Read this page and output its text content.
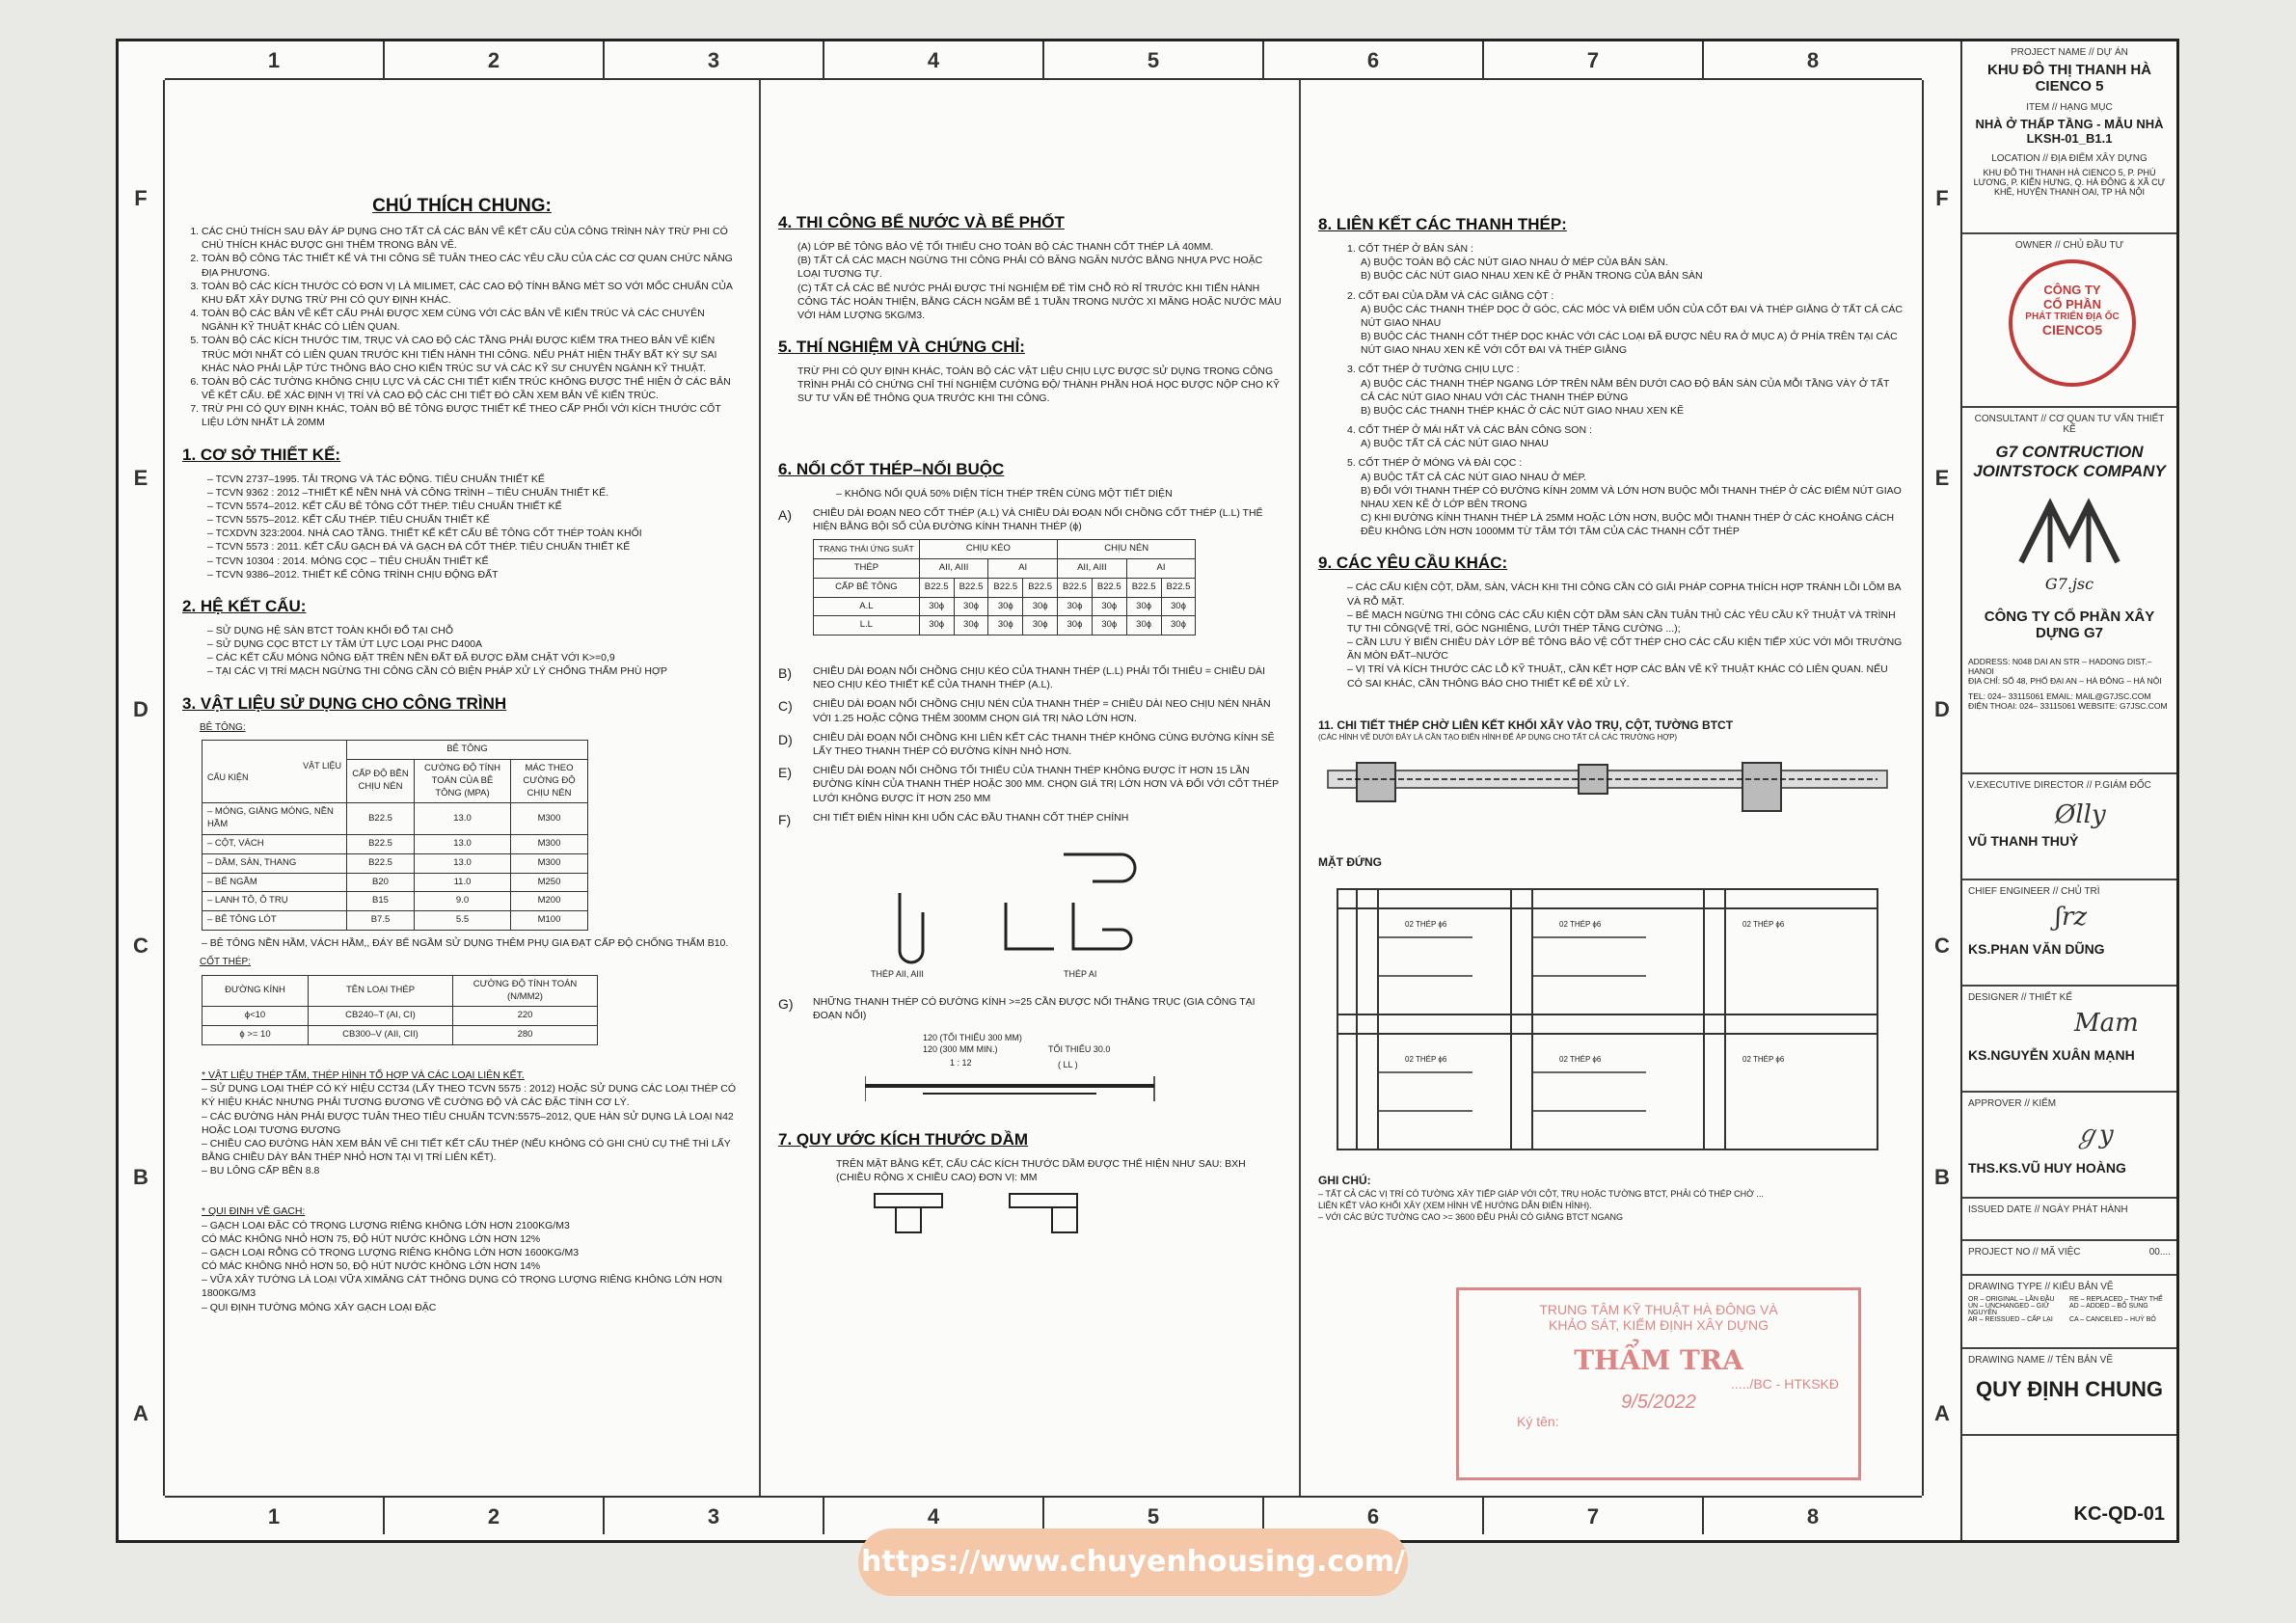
1	2	3	4	5	6	7	8
1	2	3	4	5	6	7	8
F
E
D
C
B
A
F
E
D
C
B
A
CHÚ THÍCH CHUNG:
1. CÁC CHÚ THÍCH SAU ĐÂY ÁP DỤNG CHO TẤT CẢ CÁC BẢN VẼ KẾT CẤU CỦA CÔNG TRÌNH NÀY TRỪ PHI CÓ CHÚ THÍCH KHÁC ĐƯỢC GHI THÊM TRONG BẢN VẼ.
2. TOÀN BỘ CÔNG TÁC THIẾT KẾ VÀ THI CÔNG SẼ TUÂN THEO CÁC YÊU CẦU CỦA CÁC CƠ QUAN CHỨC NĂNG ĐỊA PHƯƠNG.
3. TOÀN BỘ CÁC KÍCH THƯỚC CÓ ĐƠN VỊ LÀ MILIMET, CÁC CAO ĐỘ TÍNH BẰNG MÉT SO VỚI MỐC CHUẨN CỦA KHU ĐẤT XÂY DỰNG TRỪ PHI CÓ QUY ĐỊNH KHÁC.
4. TOÀN BỘ CÁC BẢN VẼ KẾT CẤU PHẢI ĐƯỢC XEM CÙNG VỚI CÁC BẢN VẼ KIẾN TRÚC VÀ CÁC CHUYÊN NGÀNH KỸ THUẬT KHÁC CÓ LIÊN QUAN.
5. TOÀN BỘ CÁC KÍCH THƯỚC TIM, TRỤC VÀ CAO ĐỘ CÁC TẦNG PHẢI ĐƯỢC KIỂM TRA THEO BẢN VẼ KIẾN TRÚC MỚI NHẤT CÓ LIÊN QUAN TRƯỚC KHI TIẾN HÀNH THI CÔNG. NẾU PHÁT HIỆN THẤY BẤT KỲ SỰ SAI KHÁC NÀO PHẢI LẬP TỨC THÔNG BÁO CHO KIẾN TRÚC SƯ VÀ CÁC KỸ SƯ CHUYÊN NGÀNH KỸ THUẬT.
6. TOÀN BỘ CÁC TƯỜNG KHÔNG CHỊU LỰC VÀ CÁC CHI TIẾT KIẾN TRÚC KHÔNG ĐƯỢC THỂ HIỆN Ở CÁC BẢN VẼ KẾT CẤU. ĐỂ XÁC ĐỊNH VỊ TRÍ VÀ CAO ĐỘ CÁC CHI TIẾT ĐÓ CẦN XEM BẢN VẼ KIẾN TRÚC.
7. TRỪ PHI CÓ QUY ĐỊNH KHÁC, TOÀN BỘ BÊ TÔNG ĐƯỢC THIẾT KẾ THEO CẤP PHỐI VỚI KÍCH THƯỚC CỐT LIỆU LỚN NHẤT LÀ 20MM
1. CƠ SỞ THIẾT KẾ:
– TCVN 2737–1995. TẢI TRỌNG VÀ TÁC ĐỘNG. TIÊU CHUẨN THIẾT KẾ
– TCVN 9362 : 2012 –THIẾT KẾ NỀN NHÀ VÀ CÔNG TRÌNH – TIÊU CHUẨN THIẾT KẾ.
– TCVN 5574–2012. KẾT CẤU BÊ TÔNG CỐT THÉP. TIÊU CHUẨN THIẾT KẾ
– TCVN 5575–2012. KẾT CẤU THÉP. TIÊU CHUẨN THIẾT KẾ
– TCXDVN 323:2004. NHÀ CAO TẦNG. THIẾT KẾ KẾT CẤU BÊ TÔNG CỐT THÉP TOÀN KHỐI
– TCVN 5573 : 2011. KẾT CẤU GẠCH ĐÁ VÀ GẠCH ĐÁ CỐT THÉP. TIÊU CHUẨN THIẾT KẾ
– TCVN 10304 : 2014. MÓNG CỌC – TIÊU CHUẨN THIẾT KẾ
– TCVN 9386–2012. THIẾT KẾ CÔNG TRÌNH CHỊU ĐỘNG ĐẤT
2. HỆ KẾT CẤU:
– SỬ DỤNG HỆ SÀN BTCT TOÀN KHỐI ĐỔ TẠI CHỖ
– SỬ DỤNG CỌC BTCT LY TÂM ỨT LỰC LOẠI PHC D400A
– CÁC KẾT CẤU MÓNG NÔNG ĐẶT TRÊN NỀN ĐẤT ĐÃ ĐƯỢC ĐẦM CHẶT VỚI K>=0,9
– TẠI CÁC VỊ TRÍ MẠCH NGỪNG THI CÔNG CẦN CÓ BIỆN PHÁP XỬ LÝ CHỐNG THẤM PHÙ HỢP
3. VẬT LIỆU SỬ DỤNG CHO CÔNG TRÌNH
BÊ TÔNG:
VẬT LIỆU
CẤU KIỆN	BÊ TÔNG		
	CẤP ĐỘ BỀN CHỊU NÉN	CƯỜNG ĐỘ TÍNH TOÁN CỦA BÊ TÔNG (MPA)	MÁC THEO CƯỜNG ĐỘ CHỊU NÉN
– MÓNG, GIẰNG MÓNG, NỀN HẦM	B22.5	13.0	M300
– CỘT, VÁCH	B22.5	13.0	M300
– DẦM, SÀN, THANG	B22.5	13.0	M300
– BỂ NGẦM	B20	11.0	M250
– LANH TÔ, Ô TRỤ	B15	9.0	M200
– BÊ TÔNG LÓT	B7.5	5.5	M100

– BÊ TÔNG NỀN HẦM, VÁCH HẦM,, ĐÁY BỂ NGẦM SỬ DỤNG THÊM PHỤ GIA ĐẠT CẤP ĐỘ CHỐNG THẤM B10.

CỐT THÉP:
ĐƯỜNG KÍNH	TÊN LOẠI THÉP	CƯỜNG ĐỘ TÍNH TOÁN (N/MM2)
ϕ<10	CB240–T (AI, CI)	220
ϕ >= 10	CB300–V (AII, CII)	280

* VẬT LIỆU THÉP TẤM, THÉP HÌNH TỔ HỢP VÀ CÁC LOẠI LIÊN KẾT.

– SỬ DỤNG LOẠI THÉP CÓ KÝ HIỆU CCT34 (LẤY THEO TCVN 5575 : 2012) HOẶC SỬ DỤNG CÁC LOẠI THÉP CÓ KÝ HIỆU KHÁC NHƯNG PHẢI TƯƠNG ĐƯƠNG VỀ CƯỜNG ĐỘ VÀ CÁC ĐẶC TÍNH CƠ LÝ.

– CÁC ĐƯỜNG HÀN PHẢI ĐƯỢC TUÂN THEO TIÊU CHUẨN TCVN:5575–2012, QUE HÀN SỬ DỤNG LÀ LOẠI N42 HOẶC LOẠI TƯƠNG ĐƯƠNG

– CHIỀU CAO ĐƯỜNG HÀN XEM BẢN VẼ CHI TIẾT KẾT CẤU THÉP (NẾU KHÔNG CÓ GHI CHÚ CỤ THỂ THÌ LẤY BẰNG CHIỀU DÀY BẢN THÉP NHỎ HƠN TẠI VỊ TRÍ LIÊN KẾT).

– BU LÔNG CẤP BỀN 8.8

* QUI ĐỊNH VỀ GẠCH:

– GẠCH LOẠI ĐẶC CÓ TRỌNG LƯỢNG RIÊNG KHÔNG LỚN HƠN 2100KG/M3

CÓ MÁC KHÔNG NHỎ HƠN 75, ĐỘ HÚT NƯỚC KHÔNG LỚN HƠN 12%

– GẠCH LOẠI RỖNG CÓ TRỌNG LƯỢNG RIÊNG KHÔNG LỚN HƠN 1600KG/M3

CÓ MÁC KHÔNG NHỎ HƠN 50, ĐỘ HÚT NƯỚC KHÔNG LỚN HƠN 14%

– VỮA XÂY TƯỜNG LÀ LOẠI VỮA XIMĂNG CÁT THÔNG DỤNG CÓ TRỌNG LƯỢNG RIÊNG KHÔNG LỚN HƠN 1800KG/M3

– QUI ĐỊNH TƯỜNG MÓNG XÂY GẠCH LOẠI ĐẶC

4. THI CÔNG BỂ NƯỚC VÀ BỂ PHỐT

(A) LỚP BÊ TÔNG BẢO VỆ TỐI THIỂU CHO TOÀN BỘ CÁC THANH CỐT THÉP LÀ 40MM.

(B) TẤT CẢ CÁC MẠCH NGỪNG THI CÔNG PHẢI CÓ BĂNG NGĂN NƯỚC BẰNG NHỰA PVC HOẶC LOẠI TƯƠNG TỰ.

(C) TẤT CẢ CÁC BỂ NƯỚC PHẢI ĐƯỢC THÍ NGHIỆM ĐỂ TÌM CHỖ RÒ RỈ TRƯỚC KHI TIẾN HÀNH CÔNG TÁC HOÀN THIỆN, BẰNG CÁCH NGÂM BỂ 1 TUẦN TRONG NƯỚC XI MĂNG HOẶC NƯỚC MÀU VỚI HÀM LƯỢNG 5KG/M3.

5. THÍ NGHIỆM VÀ CHỨNG CHỈ:

TRỪ PHI CÓ QUY ĐỊNH KHÁC, TOÀN BỘ CÁC VẬT LIỆU CHỊU LỰC ĐƯỢC SỬ DỤNG TRONG CÔNG TRÌNH PHẢI CÓ CHỨNG CHỈ THÍ NGHIỆM CƯỜNG ĐỘ/ THÀNH PHẦN HOÁ HỌC ĐƯỢC NỘP CHO KỸ SƯ TƯ VẤN ĐỂ THÔNG QUA TRƯỚC KHI THI CÔNG.

6. NỐI CỐT THÉP–NỐI BUỘC

– KHÔNG NỐI QUÁ 50% DIỆN TÍCH THÉP TRÊN CÙNG MỘT TIẾT DIỆN

A)	CHIỀU DÀI ĐOẠN NEO CỐT THÉP (A.L) VÀ CHIỀU DÀI ĐOẠN NỐI CHỒNG CỐT THÉP (L.L) THỂ HIỆN BẰNG BỘI SỐ CỦA ĐƯỜNG KÍNH THANH THÉP (ϕ)

TRẠNG THÁI ỨNG SUẤT	CHỊU KÉO				CHỊU NÉN			
THÉP	AII, AIII		AI		AII, AIII		AI	
CẤP BÊ TÔNG	B22.5	B22.5	B22.5	B22.5	B22.5	B22.5	B22.5	B22.5
A.L	30ϕ	30ϕ	30ϕ	30ϕ	30ϕ	30ϕ	30ϕ	30ϕ
L.L	30ϕ	30ϕ	30ϕ	30ϕ	30ϕ	30ϕ	30ϕ	30ϕ
B)	CHIỀU DÀI ĐOẠN NỐI CHỒNG CHỊU KÉO CỦA THANH THÉP (L.L) PHẢI TỐI THIỂU = CHIỀU DÀI NEO CHỊU KÉO THIẾT KẾ CỦA THANH THÉP (A.L).

C)	CHIỀU DÀI ĐOẠN NỐI CHỒNG CHỊU NÉN CỦA THANH THÉP = CHIỀU DÀI NEO CHỊU NÉN NHÂN VỚI 1.25 HOẶC CỘNG THÊM 300MM CHỌN GIÁ TRỊ NÀO LỚN HƠN.

D)	CHIỀU DÀI ĐOẠN NỐI CHỒNG KHI LIÊN KẾT CÁC THANH THÉP KHÔNG CÙNG ĐƯỜNG KÍNH SẼ LẤY THEO THANH THÉP CÓ ĐƯỜNG KÍNH NHỎ HƠN.

E)	CHIỀU DÀI ĐOẠN NỐI CHỒNG TỐI THIỂU CỦA THANH THÉP KHÔNG ĐƯỢC ÍT HƠN 15 LẦN ĐƯỜNG KÍNH CỦA THANH THÉP HOẶC 300 MM. CHỌN GIÁ TRỊ LỚN HƠN VÀ ĐỐI VỚI CỐT THÉP LƯỚI KHÔNG ĐƯỢC ÍT HƠN 250 MM

F)	CHI TIẾT ĐIỂN HÌNH KHI UỐN CÁC ĐẦU THANH CỐT THÉP CHÍNH

THÉP AII, AIII	THÉP AI
G)	NHỮNG THANH THÉP CÓ ĐƯỜNG KÍNH >=25 CẦN ĐƯỢC NỐI THẲNG TRỤC (GIA CÔNG TẠI ĐOẠN NỐI)

120 (TỐI THIỂU 300 MM)
120 (300 MM MIN.)
1 : 12
TỐI THIỂU 30.0
( LL )
7. QUY ƯỚC KÍCH THƯỚC DẦM

TRÊN MẶT BẰNG KẾT, CẤU CÁC KÍCH THƯỚC DẦM ĐƯỢC THỂ HIỆN NHƯ SAU: BXH (CHIỀU RỘNG X CHIỀU CAO) ĐƠN VỊ: MM

8. LIÊN KẾT CÁC THANH THÉP:

1. CỐT THÉP Ở BẢN SÀN :

A) BUỘC TOÀN BỘ CÁC NÚT GIAO NHAU Ở MÉP CỦA BẢN SÀN.

B) BUỘC CÁC NÚT GIAO NHAU XEN KẼ Ở PHẦN TRONG CỦA BẢN SÀN

2. CỐT ĐAI CỦA DẦM VÀ CÁC GIẰNG CỘT :

A) BUỘC CÁC THANH THÉP DỌC Ở GÓC, CÁC MÓC VÀ ĐIỂM UỐN CỦA CỐT ĐAI VÀ THÉP GIẰNG Ở TẤT CẢ CÁC NÚT GIAO NHAU

B) BUỘC CÁC THANH CỐT THÉP DỌC KHÁC VỚI CÁC LOẠI ĐÃ ĐƯỢC NÊU RA Ở MỤC A) Ở PHÍA TRÊN TẠI CÁC NÚT GIAO NHAU XEN KẼ VỚI CỐT ĐAI VÀ THÉP GIẰNG

3. CỐT THÉP Ở TƯỜNG CHỊU LỰC :

A) BUỘC CÁC THANH THÉP NGANG LỚP TRÊN NẰM BÊN DƯỚI CAO ĐỘ BẢN SÀN CỦA MỖI TẦNG VÀY Ở TẤT CẢ CÁC NÚT GIAO NHAU VỚI CÁC THANH THÉP ĐỨNG

B) BUỘC CÁC THANH THÉP KHÁC Ở CÁC NÚT GIAO NHAU XEN KẼ

4. CỐT THÉP Ở MÁI HẤT VÀ CÁC BẢN CÔNG SON :

A) BUỘC TẤT CẢ CÁC NÚT GIAO NHAU

5. CỐT THÉP Ở MÓNG VÀ ĐÀI CỌC :

A) BUỘC TẤT CẢ CÁC NÚT GIAO NHAU Ở MÉP.

B) ĐỐI VỚI THANH THÉP CÓ ĐƯỜNG KÍNH 20MM VÀ LỚN HƠN BUỘC MỖI THANH THÉP Ở CÁC ĐIỂM NÚT GIAO NHAU XEN KẼ Ở LỚP BÊN TRONG

C) KHI ĐƯỜNG KÍNH THANH THÉP LÀ 25MM HOẶC LỚN HƠN, BUỘC MỖI THANH THÉP Ở CÁC KHOẢNG CÁCH ĐỀU KHÔNG LỚN HƠN 1000MM TỪ TÂM TỚI TÂM CỦA CÁC THANH CỐT THÉP

9. CÁC YÊU CẦU KHÁC:

– CÁC CẤU KIỆN CỘT, DẦM, SÀN, VÁCH KHI THI CÔNG CẦN CÓ GIẢI PHÁP COPHA THÍCH HỢP TRÁNH LỒI LÕM BA VÀ RỖ MẶT.

– BỂ MẠCH NGỪNG THI CÔNG CÁC CẤU KIỆN CỘT DẦM SÀN CẦN TUÂN THỦ CÁC YÊU CẦU KỸ THUẬT VÀ TRÌNH TỰ THI CÔNG(VỆ TRÍ, GÓC NGHIÊNG, LƯỚI THÉP TĂNG CƯỜNG ...);

– CẦN LƯU Ý BIỂN CHIỀU DÀY LỚP BÊ TÔNG BẢO VỆ CỐT THÉP CHO CÁC CẤU KIỆN TIẾP XÚC VỚI MÔI TRƯỜNG ĂN MÒN ĐẤT–NƯỚC

– VỊ TRÍ VÀ KÍCH THƯỚC CÁC LỖ KỸ THUẬT,, CẦN KẾT HỢP CÁC BẢN VẼ KỸ THUẬT KHÁC CÓ LIÊN QUAN. NẾU CÓ SAI KHÁC, CẦN THÔNG BÁO CHO THIẾT KẾ ĐỂ XỬ LÝ.

11. CHI TIẾT THÉP CHỜ LIÊN KẾT KHỐI XÂY VÀO TRỤ, CỘT, TƯỜNG BTCT

(CÁC HÌNH VẼ DƯỚI ĐÂY LÀ CẦN TẠO ĐIỂN HÌNH ĐỂ ÁP DỤNG CHO TẤT CẢ CÁC TRƯỜNG HỢP)

MẶT ĐỨNG

02 THÉP ϕ6	02 THÉP ϕ6	02 THÉP ϕ6
02 THÉP ϕ6	02 THÉP ϕ6	02 THÉP ϕ6

GHI CHÚ:

– TẤT CẢ CÁC VỊ TRÍ CÓ TƯỜNG XÂY TIẾP GIÁP VỚI CỘT, TRỤ HOẶC TƯỜNG BTCT, PHẢI CÓ THÉP CHỜ ...

LIÊN KẾT VÀO KHỐI XÂY (XEM HÌNH VẼ HƯỚNG DẪN ĐIỂN HÌNH).

– VỚI CÁC BỨC TƯỜNG CAO >= 3600 ĐỂU PHẢI CÓ GIẰNG BTCT NGANG

PROJECT NAME // DỰ ÁN
KHU ĐÔ THỊ THANH HÀ CIENCO 5
ITEM // HẠNG MỤC
NHÀ Ở THẤP TẦNG - MẪU NHÀ LKSH-01_B1.1
LOCATION // ĐỊA ĐIỂM XÂY DỰNG
KHU ĐÔ THỊ THANH HÀ CIENCO 5, P. PHÚ LƯƠNG, P. KIẾN HƯNG, Q. HÀ ĐÔNG & XÃ CỰ KHÊ, HUYỆN THANH OAI, TP HÀ NỘI
OWNER // CHỦ ĐẦU TƯ
CÔNG TY
CỔ PHẦN
PHÁT TRIỂN ĐỊA ỐC
CIENCO5
CONSULTANT // CƠ QUAN TƯ VẤN THIẾT KẾ
G7 CONTRUCTION JOINTSTOCK COMPANY
G7.jsc
CÔNG TY CỔ PHẦN XÂY DỰNG G7
ADDRESS: N048 DAI AN STR – HADONG DIST.– HANOI
ĐỊA CHỈ: SỐ 48, PHỐ ĐẠI AN – HÀ ĐÔNG – HÀ NỘI
TEL: 024– 33115061 EMAIL: MAIL@G7JSC.COM
ĐIỆN THOẠI: 024– 33115061 WEBSITE: G7JSC.COM
V.EXECUTIVE DIRECTOR // P.GIÁM ĐỐC
Ølly
VŨ THANH THUỶ
CHIEF ENGINEER // CHỦ TRÌ
ʃrz
KS.PHAN VĂN DŨNG
DESIGNER // THIẾT KẾ
Mam
KS.NGUYỄN XUÂN MẠNH
APPROVER // KIỂM
ℊy
THS.KS.VŨ HUY HOÀNG
ISSUED DATE // NGÀY PHÁT HÀNH
PROJECT NO // MÃ VIỆC	00....
DRAWING TYPE // KIỂU BẢN VẼ
OR – ORIGINAL – LẦN ĐẦU	RE – REPLACED – THAY THẾ
UN – UNCHANGED – GIỮ NGUYÊN
AD – ADDED – BỔ SUNG
AR – REISSUED – CẤP LẠI	CA – CANCELED – HUỶ BỎ
DRAWING NAME // TÊN BẢN VẼ
QUY ĐỊNH CHUNG
KC-QD-01
TRUNG TÂM KỸ THUẬT HÀ ĐÔNG VÀ
KHẢO SÁT, KIỂM ĐỊNH XÂY DỰNG
THẨM TRA
...../BC - HTKSKĐ
9/5/2022
Ký tên:
https://www.chuyenhousing.com/
